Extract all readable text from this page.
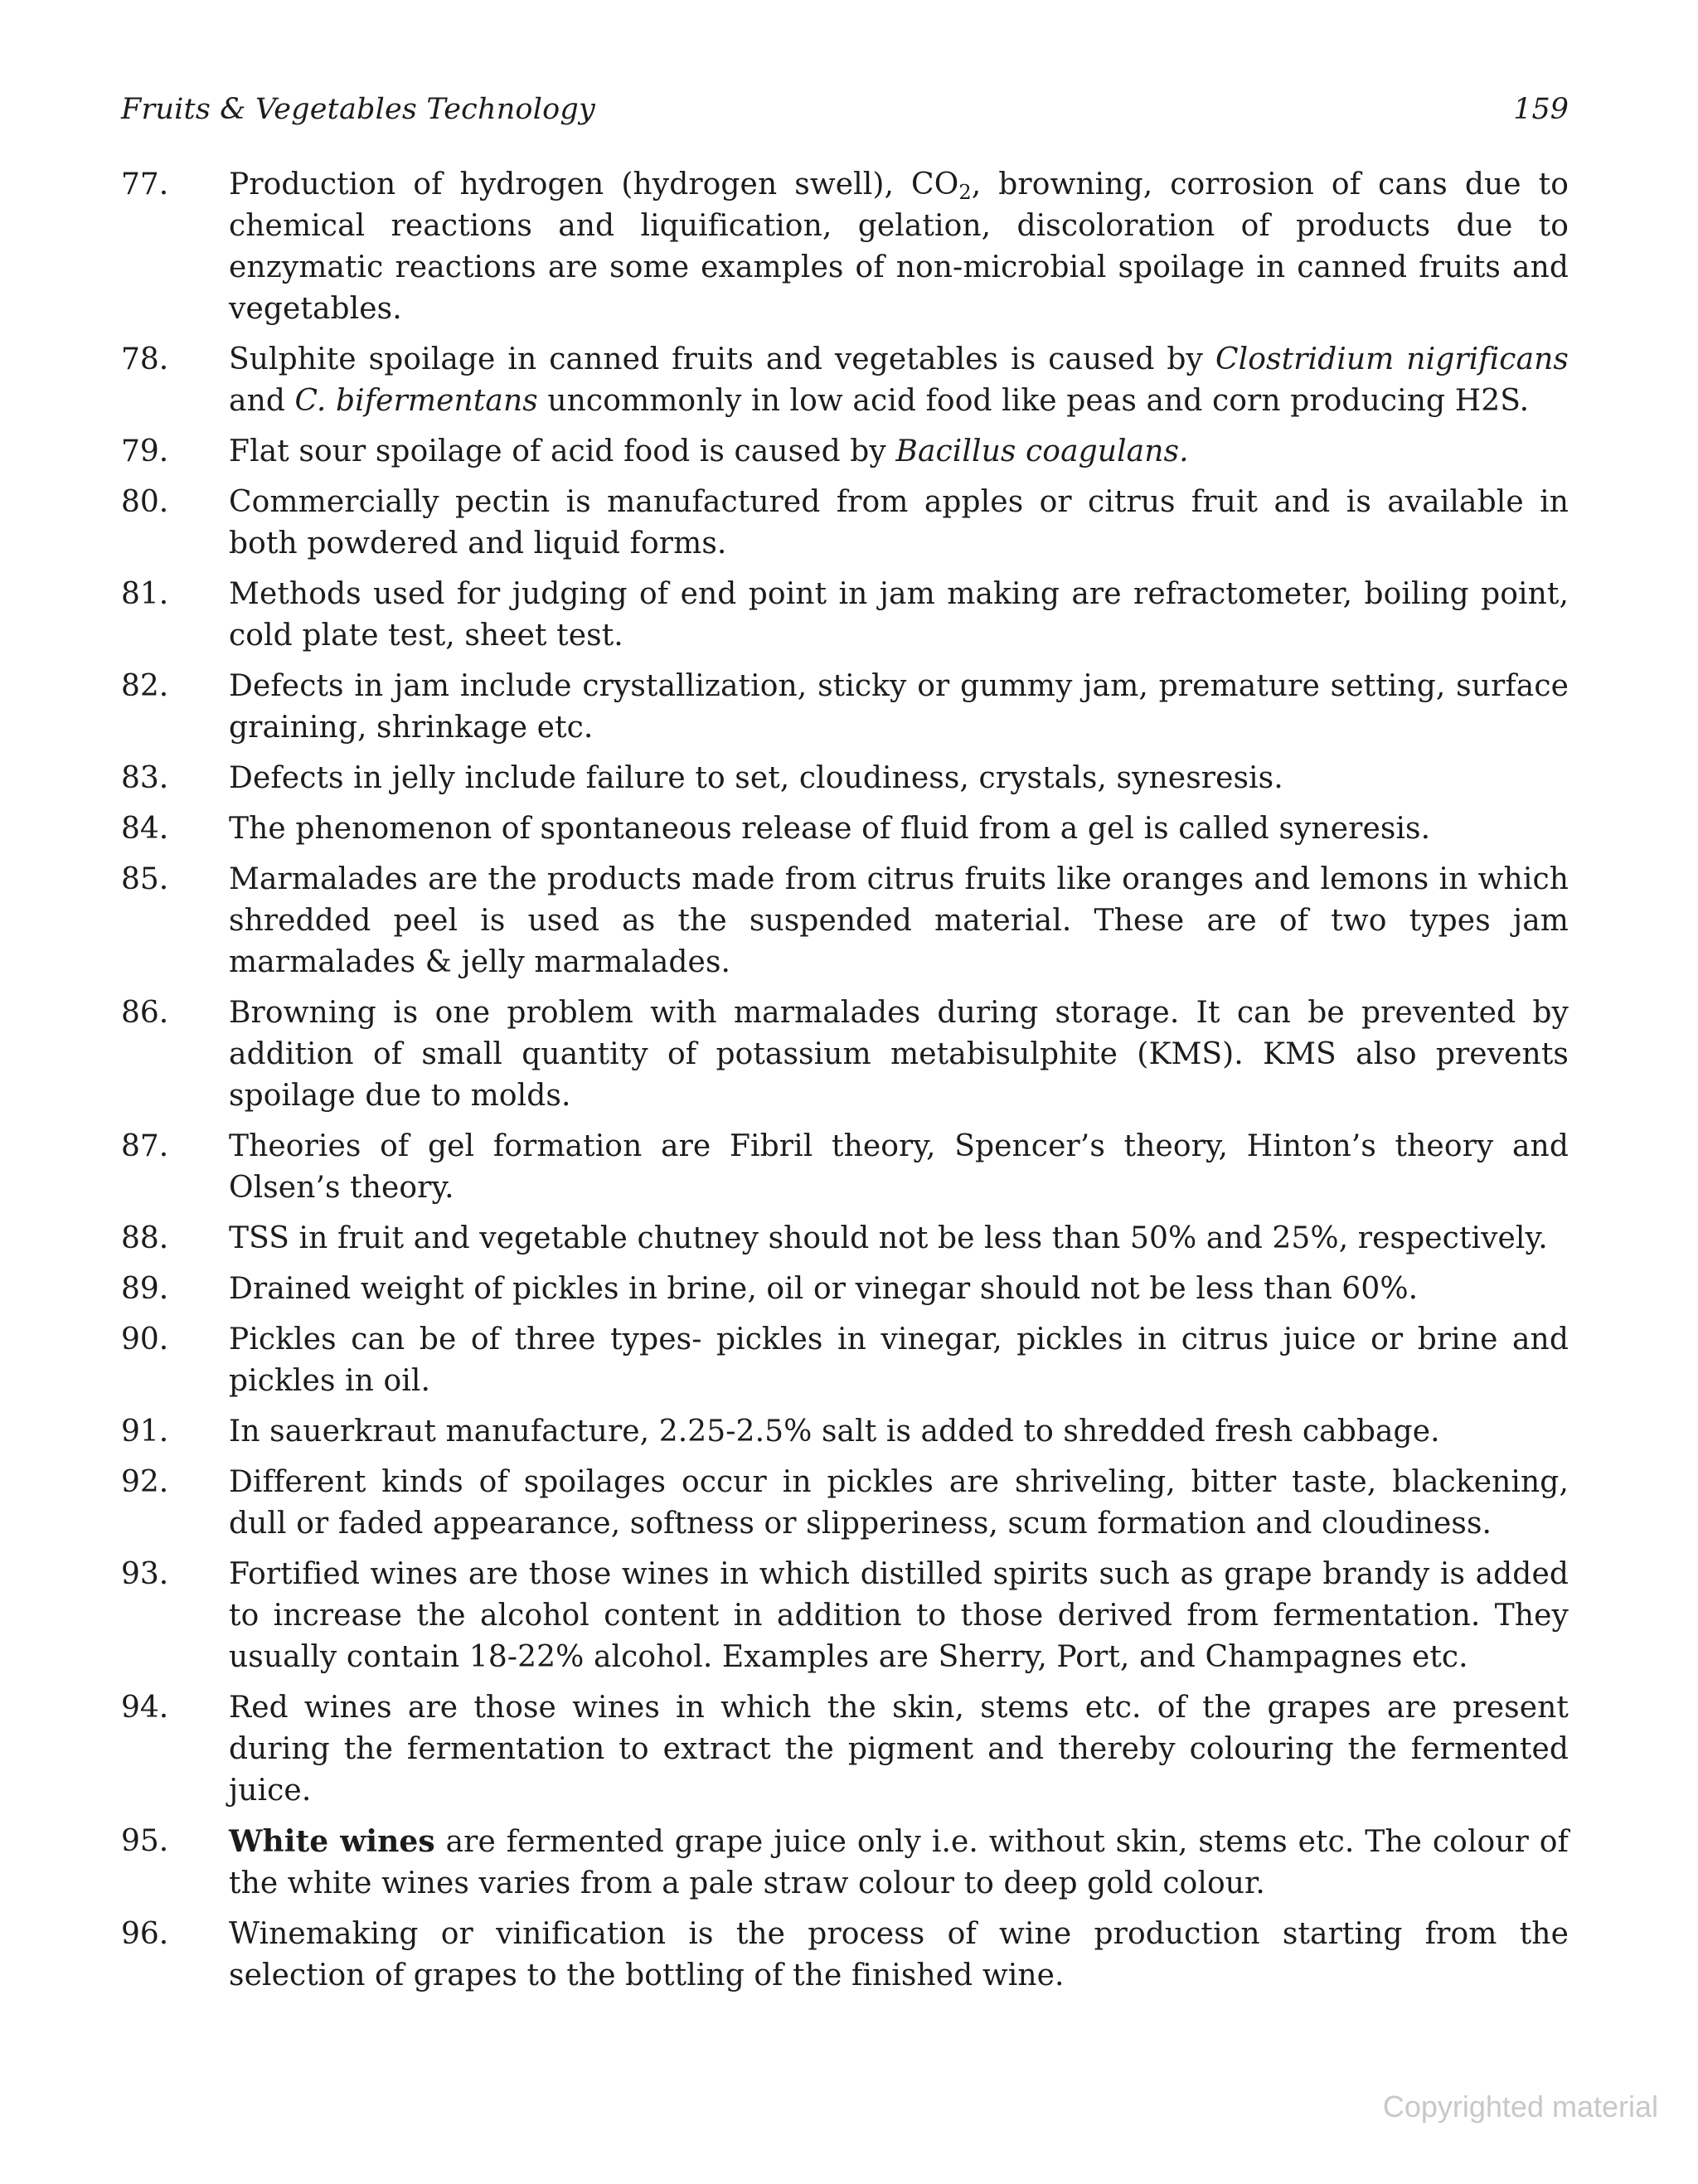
Fruits & Vegetables Technology	159
77.	Production of hydrogen (hydrogen swell), $CO_2$, browning, corrosion of cans due to chemical reactions and liquification, gelation, discoloration of products due to enzymatic reactions are some examples of non-microbial spoilage in canned fruits and vegetables.
78.	Sulphite spoilage in canned fruits and vegetables is caused by Clostridium nigrificans and C. bifermentans uncommonly in low acid food like peas and corn producing H2S.
79.	Flat sour spoilage of acid food is caused by Bacillus coagulans.
80.	Commercially pectin is manufactured from apples or citrus fruit and is available in both powdered and liquid forms.
81.	Methods used for judging of end point in jam making are refractometer, boiling point, cold plate test, sheet test.
82.	Defects in jam include crystallization, sticky or gummy jam, premature setting, surface graining, shrinkage etc.
83.	Defects in jelly include failure to set, cloudiness, crystals, synesresis.
84.	The phenomenon of spontaneous release of fluid from a gel is called syneresis.
85.	Marmalades are the products made from citrus fruits like oranges and lemons in which shredded peel is used as the suspended material. These are of two types jam marmalades & jelly marmalades.
86.	Browning is one problem with marmalades during storage. It can be prevented by addition of small quantity of potassium metabisulphite (KMS). KMS also prevents spoilage due to molds.
87.	Theories of gel formation are Fibril theory, Spencer’s theory, Hinton’s theory and Olsen’s theory.
88.	TSS in fruit and vegetable chutney should not be less than 50% and 25%, respectively.
89.	Drained weight of pickles in brine, oil or vinegar should not be less than 60%.
90.	Pickles can be of three types- pickles in vinegar, pickles in citrus juice or brine and pickles in oil.
91.	In sauerkraut manufacture, 2.25-2.5% salt is added to shredded fresh cabbage.
92.	Different kinds of spoilages occur in pickles are shriveling, bitter taste, blackening, dull or faded appearance, softness or slipperiness, scum formation and cloudiness.
93.	Fortified wines are those wines in which distilled spirits such as grape brandy is added to increase the alcohol content in addition to those derived from fermentation. They usually contain 18-22% alcohol. Examples are Sherry, Port, and Champagnes etc.
94.	Red wines are those wines in which the skin, stems etc. of the grapes are present during the fermentation to extract the pigment and thereby colouring the fermented juice.
95.	White wines are fermented grape juice only i.e. without skin, stems etc. The colour of the white wines varies from a pale straw colour to deep gold colour.
96.	Winemaking or vinification is the process of wine production starting from the selection of grapes to the bottling of the finished wine.
Copyrighted material
